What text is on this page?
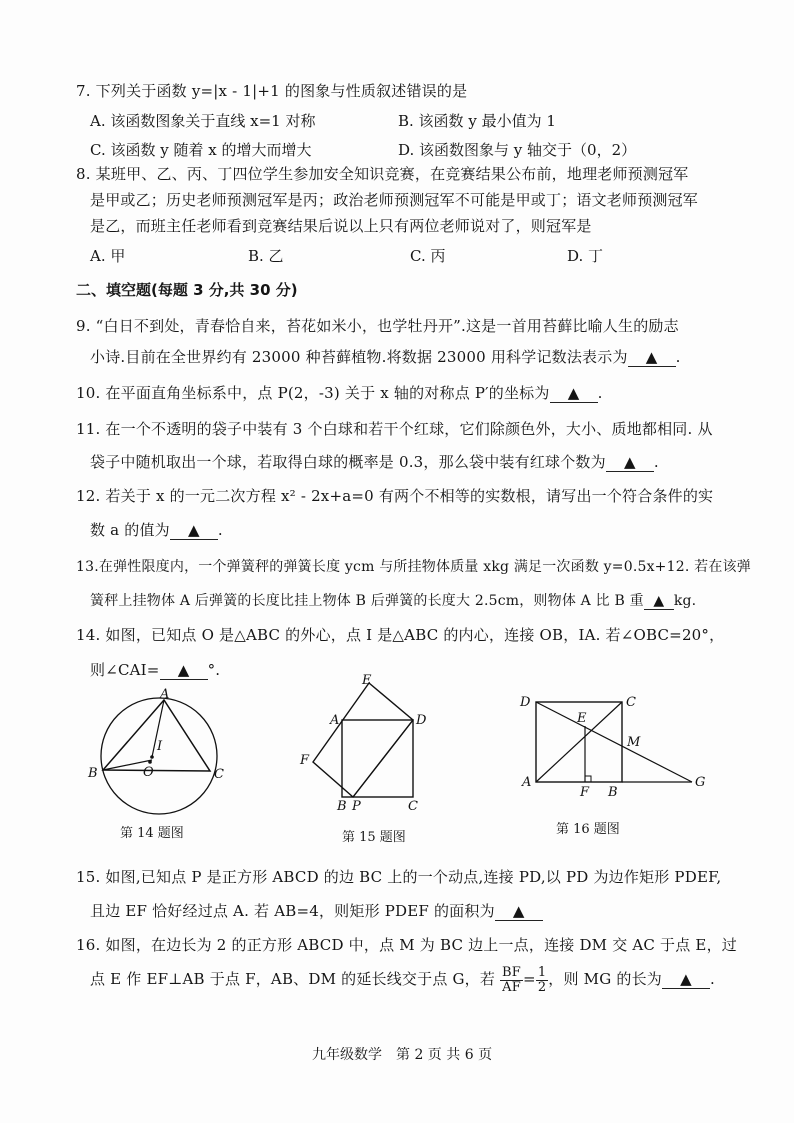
7. 下列关于函数 y=|x - 1|+1 的图象与性质叙述错误的是
A. 该函数图象关于直线 x=1 对称	B. 该函数 y 最小值为 1
C. 该函数 y 随着 x 的增大而增大	D. 该函数图象与 y 轴交于（0，2）
8. 某班甲、乙、丙、丁四位学生参加安全知识竞赛，在竞赛结果公布前，地理老师预测冠军
是甲或乙；历史老师预测冠军是丙；政治老师预测冠军不可能是甲或丁；语文老师预测冠军
是乙，而班主任老师看到竞赛结果后说以上只有两位老师说对了，则冠军是
A. 甲	B. 乙	C. 丙	D. 丁
二、填空题(每题 3 分,共 30 分)
9. “白日不到处，青春恰自来，苔花如米小，也学牡丹开”.这是一首用苔藓比喻人生的励志
小诗.目前在全世界约有 23000 种苔藓植物.将数据 23000 用科学记数法表示为 ▲ .
10. 在平面直角坐标系中，点 P(2，-3) 关于 x 轴的对称点 P′的坐标为 ▲ .
11. 在一个不透明的袋子中装有 3 个白球和若干个红球，它们除颜色外，大小、质地都相同. 从
袋子中随机取出一个球，若取得白球的概率是 0.3，那么袋中装有红球个数为 ▲ .
12. 若关于 x 的一元二次方程 x² - 2x+a=0 有两个不相等的实数根，请写出一个符合条件的实
数 a 的值为 ▲ .
13.在弹性限度内，一个弹簧秤的弹簧长度 ycm 与所挂物体质量 xkg 满足一次函数 y=0.5x+12. 若在该弹
簧秤上挂物体 A 后弹簧的长度比挂上物体 B 后弹簧的长度大 2.5cm，则物体 A 比 B 重 ▲ kg.
14. 如图，已知点 O 是△ABC 的外心，点 I 是△ABC 的内心，连接 OB，IA. 若∠OBC=20°，
则∠CAI= ▲ °.
A
B	C
O
I
第 14 题图
E
A	D
F
B P	C
第 15 题图
D	C
E
M
A
F B
G
第 16 题图
15. 如图,已知点 P 是正方形 ABCD 的边 BC 上的一个动点,连接 PD,以 PD 为边作矩形 PDEF,
且边 EF 恰好经过点 A. 若 AB=4，则矩形 PDEF 的面积为 ▲
16. 如图，在边长为 2 的正方形 ABCD 中，点 M 为 BC 边上一点，连接 DM 交 AC 于点 E，过
点 E 作 EF⊥AB 于点 F，AB、DM 的延长线交于点 G，若 $\frac{BF}{AF} = \frac{1}{2}$ ，则 MG 的长为 ▲ .
九年级数学　第 2 页 共 6 页
